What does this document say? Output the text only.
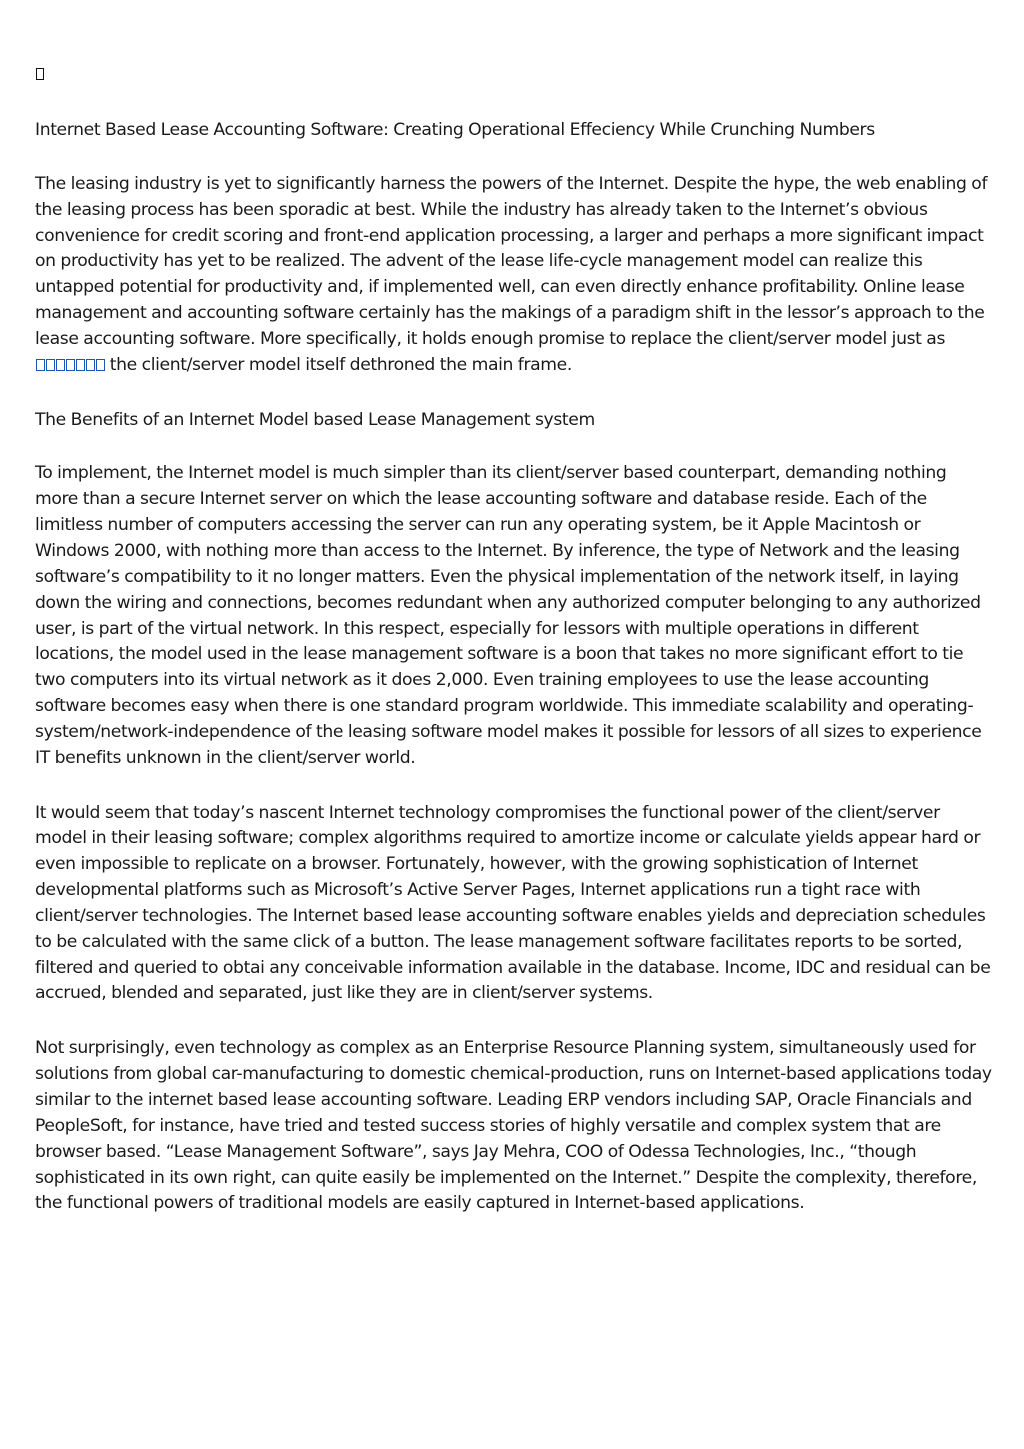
Internet Based Lease Accounting Software: Creating Operational Effeciency While Crunching Numbers

The leasing industry is yet to significantly harness the powers of the Internet. Despite the hype, the web enabling of the leasing process has been sporadic at best. While the industry has already taken to the Internet’s obvious convenience for credit scoring and front-end application processing, a larger and perhaps a more significant impact on productivity has yet to be realized. The advent of the lease life-cycle management model can realize this untapped potential for productivity and, if implemented well, can even directly enhance profitability. Online lease management and accounting software certainly has the makings of a paradigm shift in the lessor’s approach to the lease accounting software. More specifically, it holds enough promise to replace the client/server model just as  the client/server model itself dethroned the main frame.

The Benefits of an Internet Model based Lease Management system

To implement, the Internet model is much simpler than its client/server based counterpart, demanding nothing more than a secure Internet server on which the lease accounting software and database reside. Each of the limitless number of computers accessing the server can run any operating system, be it Apple Macintosh or Windows 2000, with nothing more than access to the Internet. By inference, the type of Network and the leasing software’s compatibility to it no longer matters. Even the physical implementation of the network itself, in laying down the wiring and connections, becomes redundant when any authorized computer belonging to any authorized user, is part of the virtual network. In this respect, especially for lessors with multiple operations in different locations, the model used in the lease management software is a boon that takes no more significant effort to tie two computers into its virtual network as it does 2,000. Even training employees to use the lease accounting software becomes easy when there is one standard program worldwide. This immediate scalability and operating-system/network-independence of the leasing software model makes it possible for lessors of all sizes to experience IT benefits unknown in the client/server world.

It would seem that today’s nascent Internet technology compromises the functional power of the client/server model in their leasing software; complex algorithms required to amortize income or calculate yields appear hard or even impossible to replicate on a browser. Fortunately, however, with the growing sophistication of Internet developmental platforms such as Microsoft’s Active Server Pages, Internet applications run a tight race with client/server technologies. The Internet based lease accounting software enables yields and depreciation schedules to be calculated with the same click of a button. The lease management software facilitates reports to be sorted, filtered and queried to obtai any conceivable information available in the database. Income, IDC and residual can be accrued, blended and separated, just like they are in client/server systems.

Not surprisingly, even technology as complex as an Enterprise Resource Planning system, simultaneously used for solutions from global car-manufacturing to domestic chemical-production, runs on Internet-based applications today similar to the internet based lease accounting software. Leading ERP vendors including SAP, Oracle Financials and PeopleSoft, for instance, have tried and tested success stories of highly versatile and complex system that are browser based. “Lease Management Software”, says Jay Mehra, COO of Odessa Technologies, Inc., “though sophisticated in its own right, can quite easily be implemented on the Internet.” Despite the complexity, therefore, the functional powers of traditional models are easily captured in Internet-based applications.
